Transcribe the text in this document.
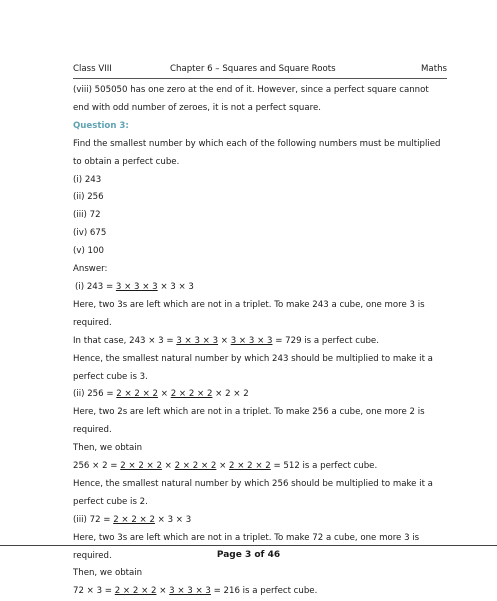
Class VIII	Chapter 6 – Squares and Square Roots	Maths
(viii) 505050 has one zero at the end of it. However, since a perfect square cannot
end with odd number of zeroes, it is not a perfect square.
Question 3:
Find the smallest number by which each of the following numbers must be multiplied
to obtain a perfect cube.
(i) 243
(ii) 256
(iii) 72
(iv) 675
(v) 100
Answer:
(i) 243 = 3 × 3 × 3 × 3 × 3
Here, two 3s are left which are not in a triplet. To make 243 a cube, one more 3 is
required.
In that case, 243 × 3 = 3 × 3 × 3 × 3 × 3 × 3 = 729 is a perfect cube.
Hence, the smallest natural number by which 243 should be multiplied to make it a
perfect cube is 3.
(ii) 256 = 2 × 2 × 2 × 2 × 2 × 2 × 2 × 2
Here, two 2s are left which are not in a triplet. To make 256 a cube, one more 2 is
required.
Then, we obtain
256 × 2 = 2 × 2 × 2 × 2 × 2 × 2 × 2 × 2 × 2 = 512 is a perfect cube.
Hence, the smallest natural number by which 256 should be multiplied to make it a
perfect cube is 2.
(iii) 72 = 2 × 2 × 2 × 3 × 3
Here, two 3s are left which are not in a triplet. To make 72 a cube, one more 3 is
required.
Then, we obtain
72 × 3 = 2 × 2 × 2 × 3 × 3 × 3 = 216 is a perfect cube.
Page 3 of 46
